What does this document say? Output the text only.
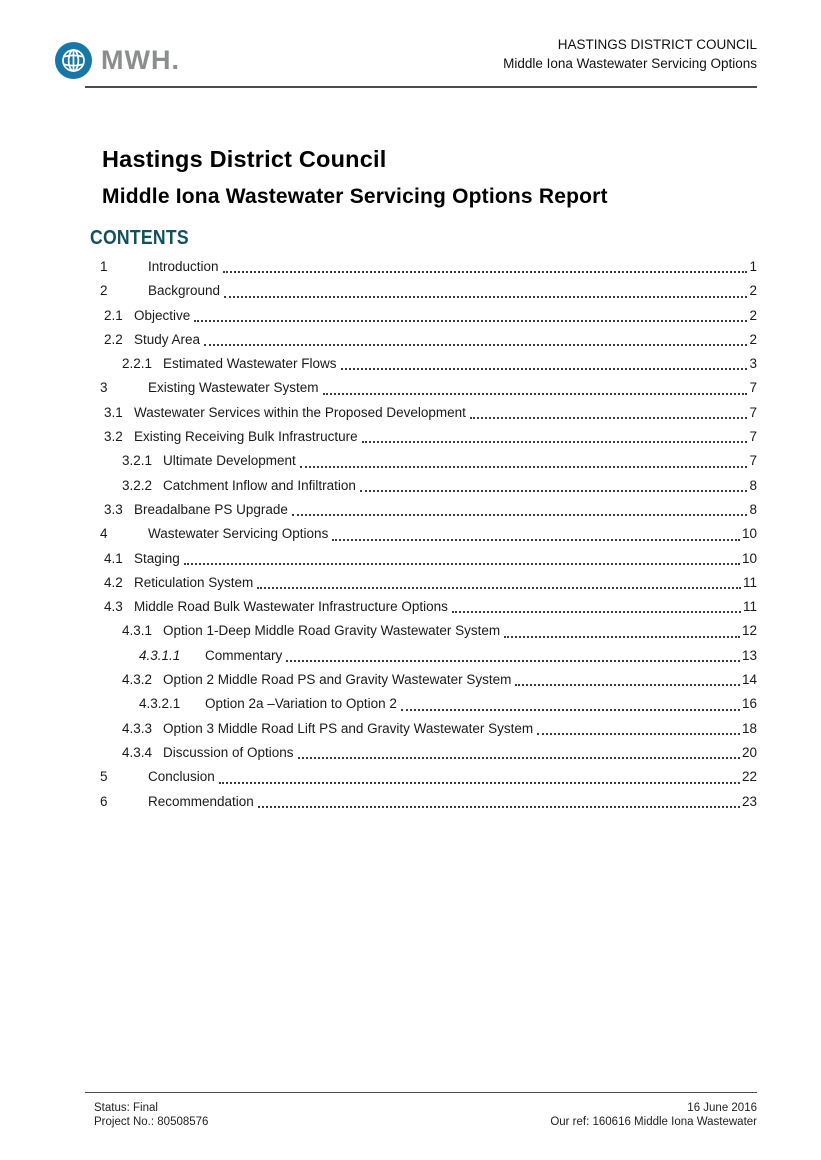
MWH.
HASTINGS DISTRICT COUNCIL
Middle Iona Wastewater Servicing Options
Hastings District Council
Middle Iona Wastewater Servicing Options Report
CONTENTS
1	Introduction	1
2	Background	2
2.1 Objective	2
2.2 Study Area	2
2.2.1 Estimated Wastewater Flows	3
3	Existing Wastewater System	7
3.1 Wastewater Services within the Proposed Development	7
3.2 Existing Receiving Bulk Infrastructure	7
3.2.1 Ultimate Development	7
3.2.2 Catchment Inflow and Infiltration	8
3.3 Breadalbane PS Upgrade	8
4	Wastewater Servicing Options	10
4.1 Staging	10
4.2 Reticulation System	11
4.3 Middle Road Bulk Wastewater Infrastructure Options	11
4.3.1 Option 1-Deep Middle Road Gravity Wastewater System	12
4.3.1.1	Commentary	13
4.3.2 Option 2 Middle Road PS and Gravity Wastewater System	14
4.3.2.1	Option 2a –Variation to Option 2	16
4.3.3 Option 3 Middle Road Lift PS and Gravity Wastewater System	18
4.3.4 Discussion of Options	20
5	Conclusion	22
6	Recommendation	23
Status: Final
Project No.: 80508576
16 June 2016
Our ref: 160616 Middle Iona Wastewater
